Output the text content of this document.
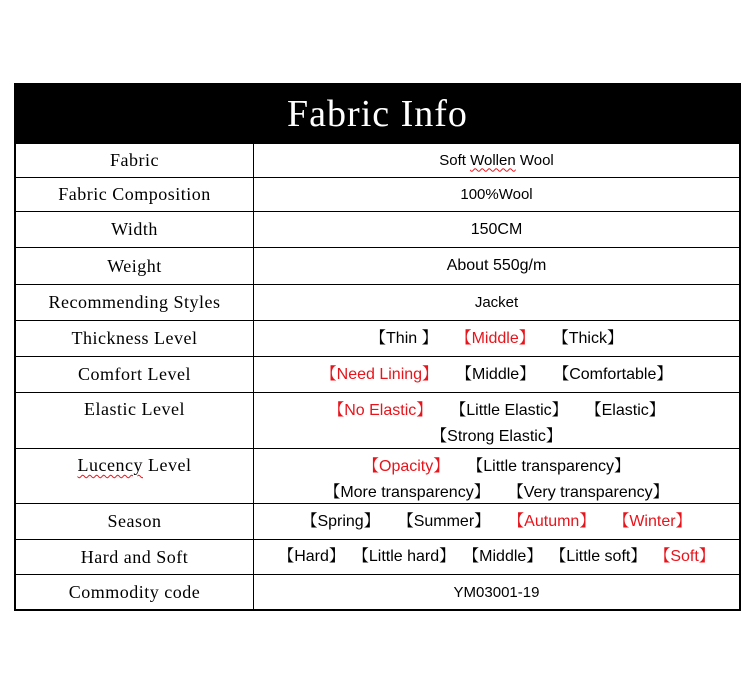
Fabric Info
Fabric	Soft Wollen Wool
Fabric Composition	100%Wool
Width	150CM
Weight	About 550g/m
Recommending Styles	Jacket
Thickness Level	【Thin 】 【Middle】 【Thick】
Comfort Level	【Need Lining】 【Middle】 【Comfortable】
Elastic Level	【No Elastic】 【Little Elastic】 【Elastic】
【Strong Elastic】
Lucency Level	【Opacity】 【Little transparency】
【More transparency】 【Very transparency】
Season	【Spring】 【Summer】 【Autumn】 【Winter】
Hard and Soft	【Hard】 【Little hard】 【Middle】 【Little soft】 【Soft】
Commodity code	YM03001-19
